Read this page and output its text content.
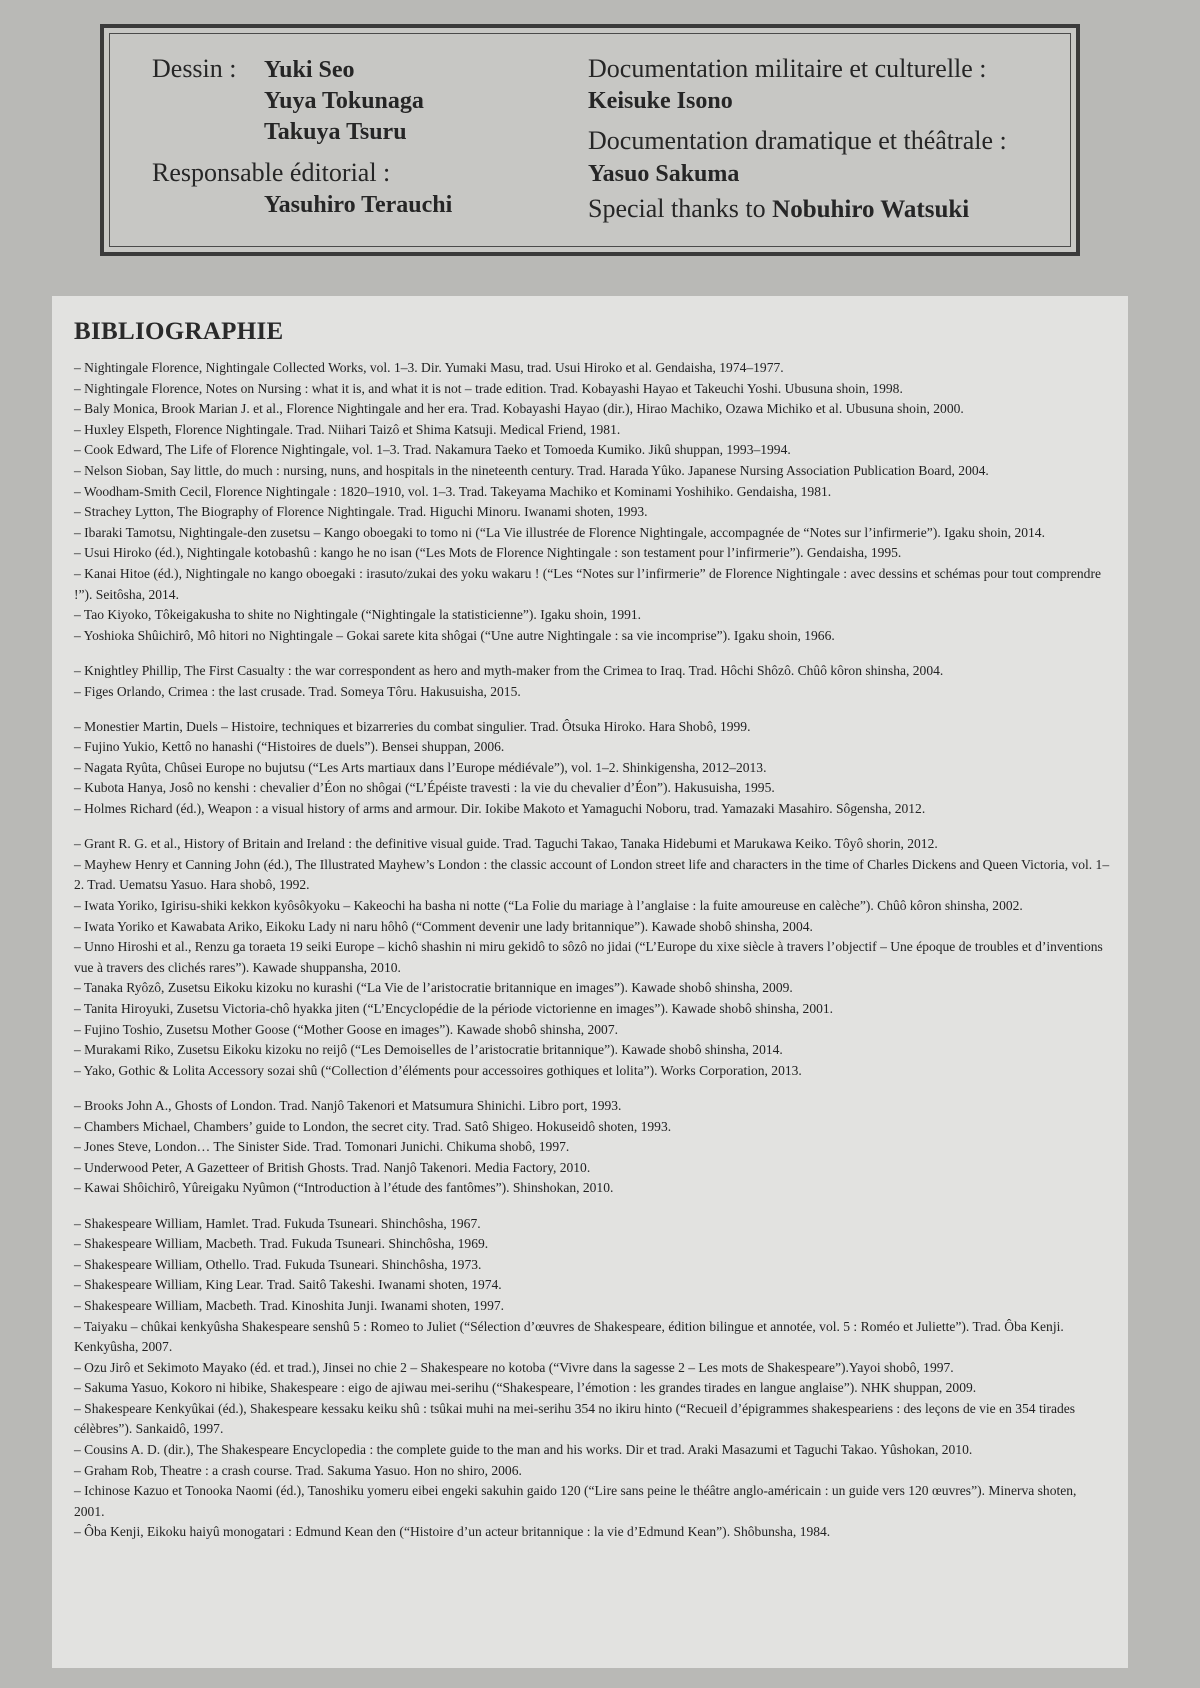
Dessin : Yuki Seo
Yuya Tokunaga
Takuya Tsuru
Responsable éditorial :
Yasuhiro Terauchi
Documentation militaire et culturelle :
Keisuke Isono
Documentation dramatique et théâtrale :
Yasuo Sakuma
Special thanks to Nobuhiro Watsuki
BIBLIOGRAPHIE

– Nightingale Florence, Nightingale Collected Works, vol. 1–3. Dir. Yumaki Masu, trad. Usui Hiroko et al. Gendaisha, 1974–1977.

– Nightingale Florence, Notes on Nursing : what it is, and what it is not – trade edition. Trad. Kobayashi Hayao et Takeuchi Yoshi. Ubusuna shoin, 1998.

– Baly Monica, Brook Marian J. et al., Florence Nightingale and her era. Trad. Kobayashi Hayao (dir.), Hirao Machiko, Ozawa Michiko et al. Ubusuna shoin, 2000.

– Huxley Elspeth, Florence Nightingale. Trad. Niihari Taizô et Shima Katsuji. Medical Friend, 1981.

– Cook Edward, The Life of Florence Nightingale, vol. 1–3. Trad. Nakamura Taeko et Tomoeda Kumiko. Jikû shuppan, 1993–1994.

– Nelson Sioban, Say little, do much : nursing, nuns, and hospitals in the nineteenth century. Trad. Harada Yûko. Japanese Nursing Association Publication Board, 2004.

– Woodham-Smith Cecil, Florence Nightingale : 1820–1910, vol. 1–3. Trad. Takeyama Machiko et Kominami Yoshihiko. Gendaisha, 1981.

– Strachey Lytton, The Biography of Florence Nightingale. Trad. Higuchi Minoru. Iwanami shoten, 1993.

– Ibaraki Tamotsu, Nightingale-den zusetsu – Kango oboegaki to tomo ni (“La Vie illustrée de Florence Nightingale, accompagnée de “Notes sur l’infirmerie”). Igaku shoin, 2014.

– Usui Hiroko (éd.), Nightingale kotobashû : kango he no isan (“Les Mots de Florence Nightingale : son testament pour l’infirmerie”). Gendaisha, 1995.

– Kanai Hitoe (éd.), Nightingale no kango oboegaki : irasuto/zukai des yoku wakaru ! (“Les “Notes sur l’infirmerie” de Florence Nightingale : avec dessins et schémas pour tout comprendre !”). Seitôsha, 2014.

– Tao Kiyoko, Tôkeigakusha to shite no Nightingale (“Nightingale la statisticienne”). Igaku shoin, 1991.

– Yoshioka Shûichirô, Mô hitori no Nightingale – Gokai sarete kita shôgai (“Une autre Nightingale : sa vie incomprise”). Igaku shoin, 1966.

– Knightley Phillip, The First Casualty : the war correspondent as hero and myth-maker from the Crimea to Iraq. Trad. Hôchi Shôzô. Chûô kôron shinsha, 2004.

– Figes Orlando, Crimea : the last crusade. Trad. Someya Tôru. Hakusuisha, 2015.

– Monestier Martin, Duels – Histoire, techniques et bizarreries du combat singulier. Trad. Ôtsuka Hiroko. Hara Shobô, 1999.

– Fujino Yukio, Kettô no hanashi (“Histoires de duels”). Bensei shuppan, 2006.

– Nagata Ryûta, Chûsei Europe no bujutsu (“Les Arts martiaux dans l’Europe médiévale”), vol. 1–2. Shinkigensha, 2012–2013.

– Kubota Hanya, Josô no kenshi : chevalier d’Éon no shôgai (“L’Épéiste travesti : la vie du chevalier d’Éon”). Hakusuisha, 1995.

– Holmes Richard (éd.), Weapon : a visual history of arms and armour. Dir. Iokibe Makoto et Yamaguchi Noboru, trad. Yamazaki Masahiro. Sôgensha, 2012.

– Grant R. G. et al., History of Britain and Ireland : the definitive visual guide. Trad. Taguchi Takao, Tanaka Hidebumi et Marukawa Keiko. Tôyô shorin, 2012.

– Mayhew Henry et Canning John (éd.), The Illustrated Mayhew’s London : the classic account of London street life and characters in the time of Charles Dickens and Queen Victoria, vol. 1–2. Trad. Uematsu Yasuo. Hara shobô, 1992.

– Iwata Yoriko, Igirisu-shiki kekkon kyôsôkyoku – Kakeochi ha basha ni notte (“La Folie du mariage à l’anglaise : la fuite amoureuse en calèche”). Chûô kôron shinsha, 2002.

– Iwata Yoriko et Kawabata Ariko, Eikoku Lady ni naru hôhô (“Comment devenir une lady britannique”). Kawade shobô shinsha, 2004.

– Unno Hiroshi et al., Renzu ga toraeta 19 seiki Europe – kichô shashin ni miru gekidô to sôzô no jidai (“L’Europe du xixe siècle à travers l’objectif – Une époque de troubles et d’inventions vue à travers des clichés rares”). Kawade shuppansha, 2010.

– Tanaka Ryôzô, Zusetsu Eikoku kizoku no kurashi (“La Vie de l’aristocratie britannique en images”). Kawade shobô shinsha, 2009.

– Tanita Hiroyuki, Zusetsu Victoria-chô hyakka jiten (“L’Encyclopédie de la période victorienne en images”). Kawade shobô shinsha, 2001.

– Fujino Toshio, Zusetsu Mother Goose (“Mother Goose en images”). Kawade shobô shinsha, 2007.

– Murakami Riko, Zusetsu Eikoku kizoku no reijô (“Les Demoiselles de l’aristocratie britannique”). Kawade shobô shinsha, 2014.

– Yako, Gothic & Lolita Accessory sozai shû (“Collection d’éléments pour accessoires gothiques et lolita”). Works Corporation, 2013.

– Brooks John A., Ghosts of London. Trad. Nanjô Takenori et Matsumura Shinichi. Libro port, 1993.

– Chambers Michael, Chambers’ guide to London, the secret city. Trad. Satô Shigeo. Hokuseidô shoten, 1993.

– Jones Steve, London… The Sinister Side. Trad. Tomonari Junichi. Chikuma shobô, 1997.

– Underwood Peter, A Gazetteer of British Ghosts. Trad. Nanjô Takenori. Media Factory, 2010.

– Kawai Shôichirô, Yûreigaku Nyûmon (“Introduction à l’étude des fantômes”). Shinshokan, 2010.

– Shakespeare William, Hamlet. Trad. Fukuda Tsuneari. Shinchôsha, 1967.

– Shakespeare William, Macbeth. Trad. Fukuda Tsuneari. Shinchôsha, 1969.

– Shakespeare William, Othello. Trad. Fukuda Tsuneari. Shinchôsha, 1973.

– Shakespeare William, King Lear. Trad. Saitô Takeshi. Iwanami shoten, 1974.

– Shakespeare William, Macbeth. Trad. Kinoshita Junji. Iwanami shoten, 1997.

– Taiyaku – chûkai kenkyûsha Shakespeare senshû 5 : Romeo to Juliet (“Sélection d’œuvres de Shakespeare, édition bilingue et annotée, vol. 5 : Roméo et Juliette”). Trad. Ôba Kenji. Kenkyûsha, 2007.

– Ozu Jirô et Sekimoto Mayako (éd. et trad.), Jinsei no chie 2 – Shakespeare no kotoba (“Vivre dans la sagesse 2 – Les mots de Shakespeare”).Yayoi shobô, 1997.

– Sakuma Yasuo, Kokoro ni hibike, Shakespeare : eigo de ajiwau mei-serihu (“Shakespeare, l’émotion : les grandes tirades en langue anglaise”). NHK shuppan, 2009.

– Shakespeare Kenkyûkai (éd.), Shakespeare kessaku keiku shû : tsûkai muhi na mei-serihu 354 no ikiru hinto (“Recueil d’épigrammes shakespeariens : des leçons de vie en 354 tirades célèbres”). Sankaidô, 1997.

– Cousins A. D. (dir.), The Shakespeare Encyclopedia : the complete guide to the man and his works. Dir et trad. Araki Masazumi et Taguchi Takao. Yûshokan, 2010.

– Graham Rob, Theatre : a crash course. Trad. Sakuma Yasuo. Hon no shiro, 2006.

– Ichinose Kazuo et Tonooka Naomi (éd.), Tanoshiku yomeru eibei engeki sakuhin gaido 120 (“Lire sans peine le théâtre anglo-américain : un guide vers 120 œuvres”). Minerva shoten, 2001.

– Ôba Kenji, Eikoku haiyû monogatari : Edmund Kean den (“Histoire d’un acteur britannique : la vie d’Edmund Kean”). Shôbunsha, 1984.
